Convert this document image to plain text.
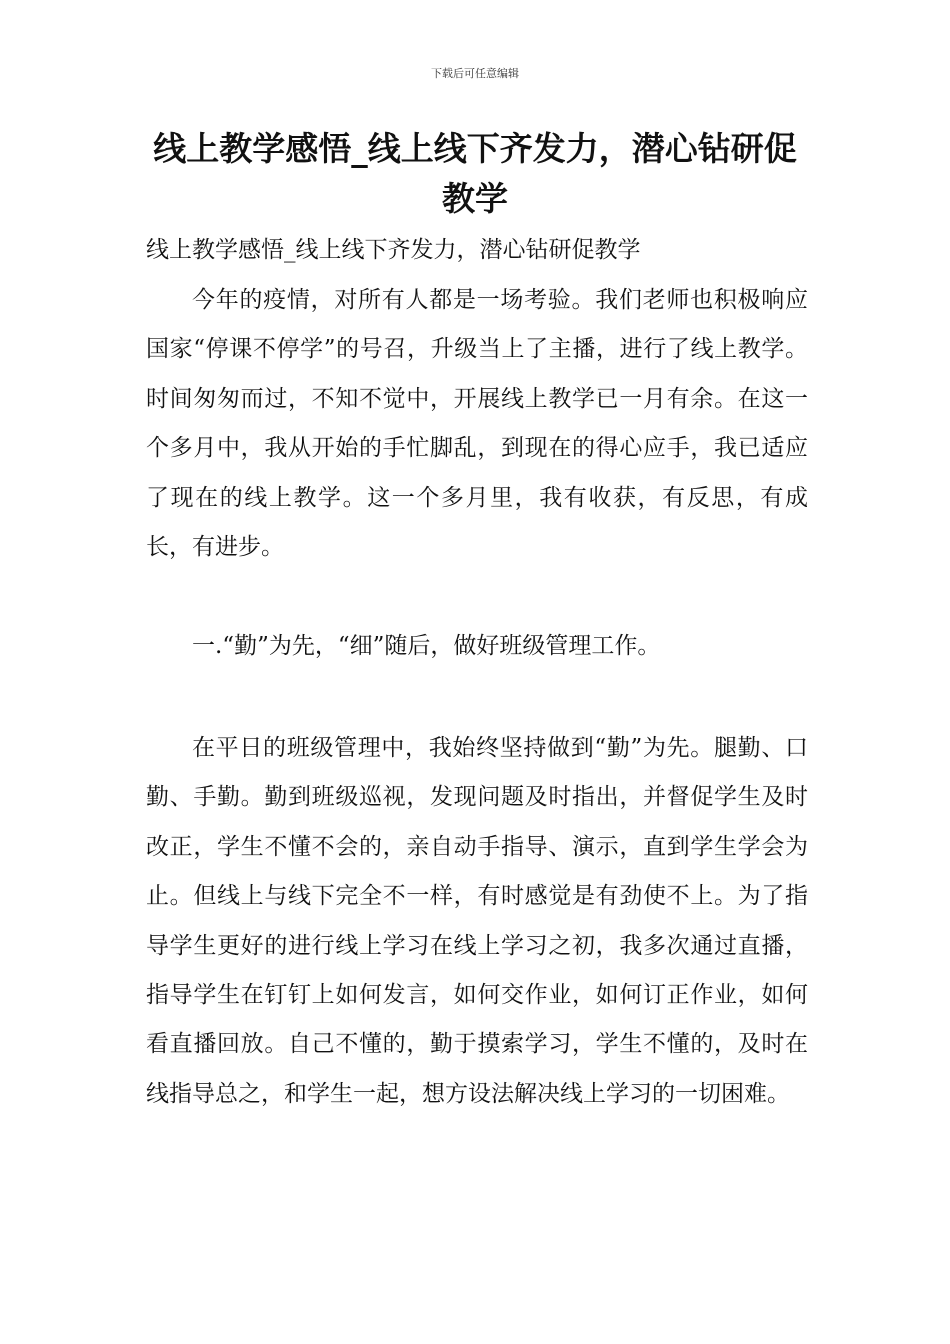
下载后可任意编辑
线上教学感悟_线上线下齐发力，潜心钻研促教学

线上教学感悟_线上线下齐发力，潜心钻研促教学

今年的疫情，对所有人都是一场考验。我们老师也积极响应国家“停课不停学”的号召，升级当上了主播，进行了线上教学。时间匆匆而过，不知不觉中，开展线上教学已一月有余。在这一个多月中，我从开始的手忙脚乱，到现在的得心应手，我已适应了现在的线上教学。这一个多月里，我有收获，有反思，有成长，有进步。

一.“勤”为先，“细”随后，做好班级管理工作。

在平日的班级管理中，我始终坚持做到“勤”为先。腿勤、口勤、手勤。勤到班级巡视，发现问题及时指出，并督促学生及时改正，学生不懂不会的，亲自动手指导、演示，直到学生学会为止。但线上与线下完全不一样，有时感觉是有劲使不上。为了指导学生更好的进行线上学习在线上学习之初，我多次通过直播，指导学生在钉钉上如何发言，如何交作业，如何订正作业，如何看直播回放。自己不懂的，勤于摸索学习，学生不懂的，及时在线指导总之，和学生一起，想方设法解决线上学习的一切困难。
